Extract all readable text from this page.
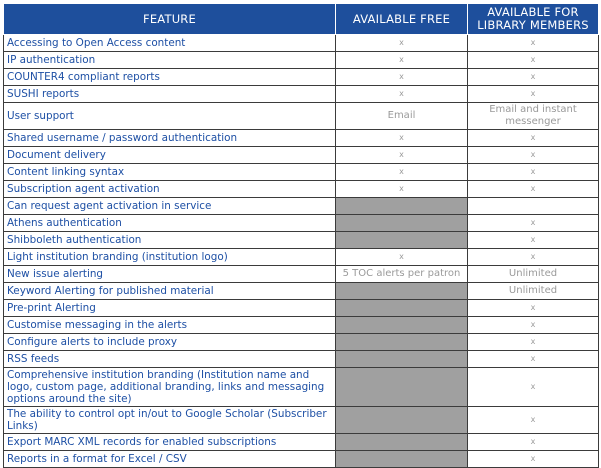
FEATURE	AVAILABLE FREE	AVAILABLE FOR LIBRARY MEMBERS
Accessing to Open Access content	x	x
IP authentication	x	x
COUNTER4 compliant reports	x	x
SUSHI reports	x	x
User support	Email	Email and instant messenger
Shared username / password authentication	x	x
Document delivery	x	x
Content linking syntax	x	x
Subscription agent activation	x	x
Can request agent activation in service		
Athens authentication		x
Shibboleth authentication		x
Light institution branding (institution logo)	x	x
New issue alerting	5 TOC alerts per patron	Unlimited
Keyword Alerting for published material		Unlimited
Pre-print Alerting		x
Customise messaging in the alerts		x
Configure alerts to include proxy		x
RSS feeds		x
Comprehensive institution branding (Institution name and logo, custom page, additional branding, links and messaging options around the site)		x
The ability to control opt in/out to Google Scholar (Subscriber Links)		x
Export MARC XML records for enabled subscriptions		x
Reports in a format for Excel / CSV		x
